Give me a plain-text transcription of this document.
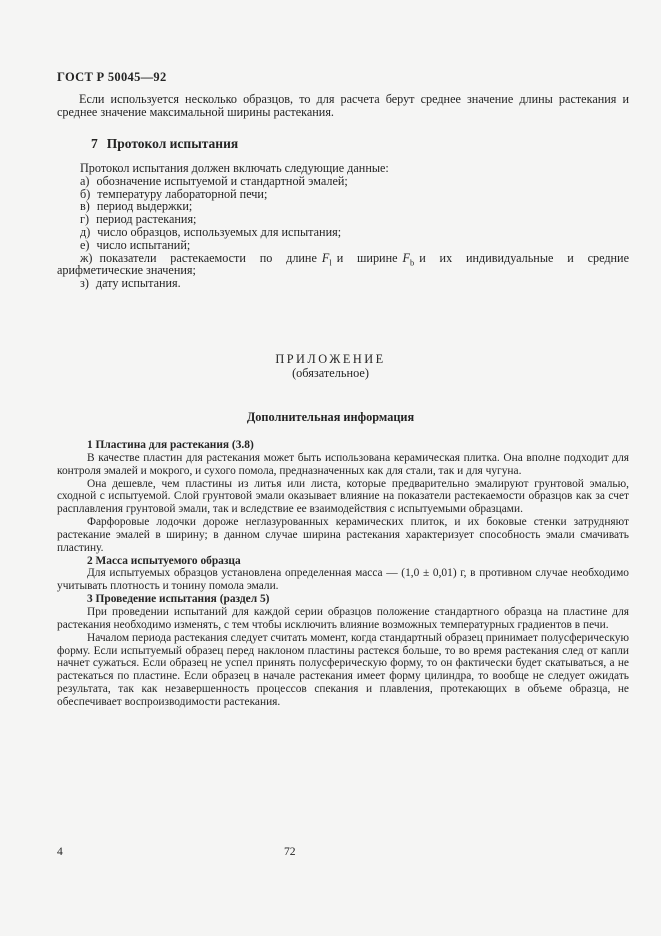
ГОСТ Р 50045—92
Если используется несколько образцов, то для расчета берут среднее значение длины растекания и среднее значение максимальной ширины растекания.
7 Протокол испытания

Протокол испытания должен включать следующие данные:

а) обозначение испытуемой и стандартной эмалей;

б) температуру лабораторной печи;

в) период выдержки;

г) период растекания;

д) число образцов, используемых для испытания;

е) число испытаний;

ж) показатели растекаемости по длине $F_l$ и ширине $F_b$ и их индивидуальные и средние арифметические значения;

з) дату испытания.

ПРИЛОЖЕНИЕ
(обязательное)
Дополнительная информация

1 Пластина для растекания (3.8)

В качестве пластин для растекания может быть использована керамическая плитка. Она вполне подходит для контроля эмалей и мокрого, и сухого помола, предназначенных как для стали, так и для чугуна.

Она дешевле, чем пластины из литья или листа, которые предварительно эмалируют грунтовой эмалью, сходной с испытуемой. Слой грунтовой эмали оказывает влияние на показатели растекаемости образцов как за счет расплавления грунтовой эмали, так и вследствие ее взаимодействия с испытуемыми образцами.

Фарфоровые лодочки дороже неглазурованных керамических плиток, и их боковые стенки затрудняют растекание эмалей в ширину; в данном случае ширина растекания характеризует способность эмали смачивать пластину.

2 Масса испытуемого образца

Для испытуемых образцов установлена определенная масса — (1,0 ± 0,01) г, в противном случае необходимо учитывать плотность и тонину помола эмали.

3 Проведение испытания (раздел 5)

При проведении испытаний для каждой серии образцов положение стандартного образца на пластине для растекания необходимо изменять, с тем чтобы исключить влияние возможных температурных градиентов в печи.

Началом периода растекания следует считать момент, когда стандартный образец принимает полусферическую форму. Если испытуемый образец перед наклоном пластины растекся больше, то во время растекания след от капли начнет сужаться. Если образец не успел принять полусферическую форму, то он фактически будет скатываться, а не растекаться по пластине. Если образец в начале растекания имеет форму цилиндра, то вообще не следует ожидать результата, так как незавершенность процессов спекания и плавления, протекающих в объеме образца, не обеспечивает воспроизводимости растекания.

4	72
